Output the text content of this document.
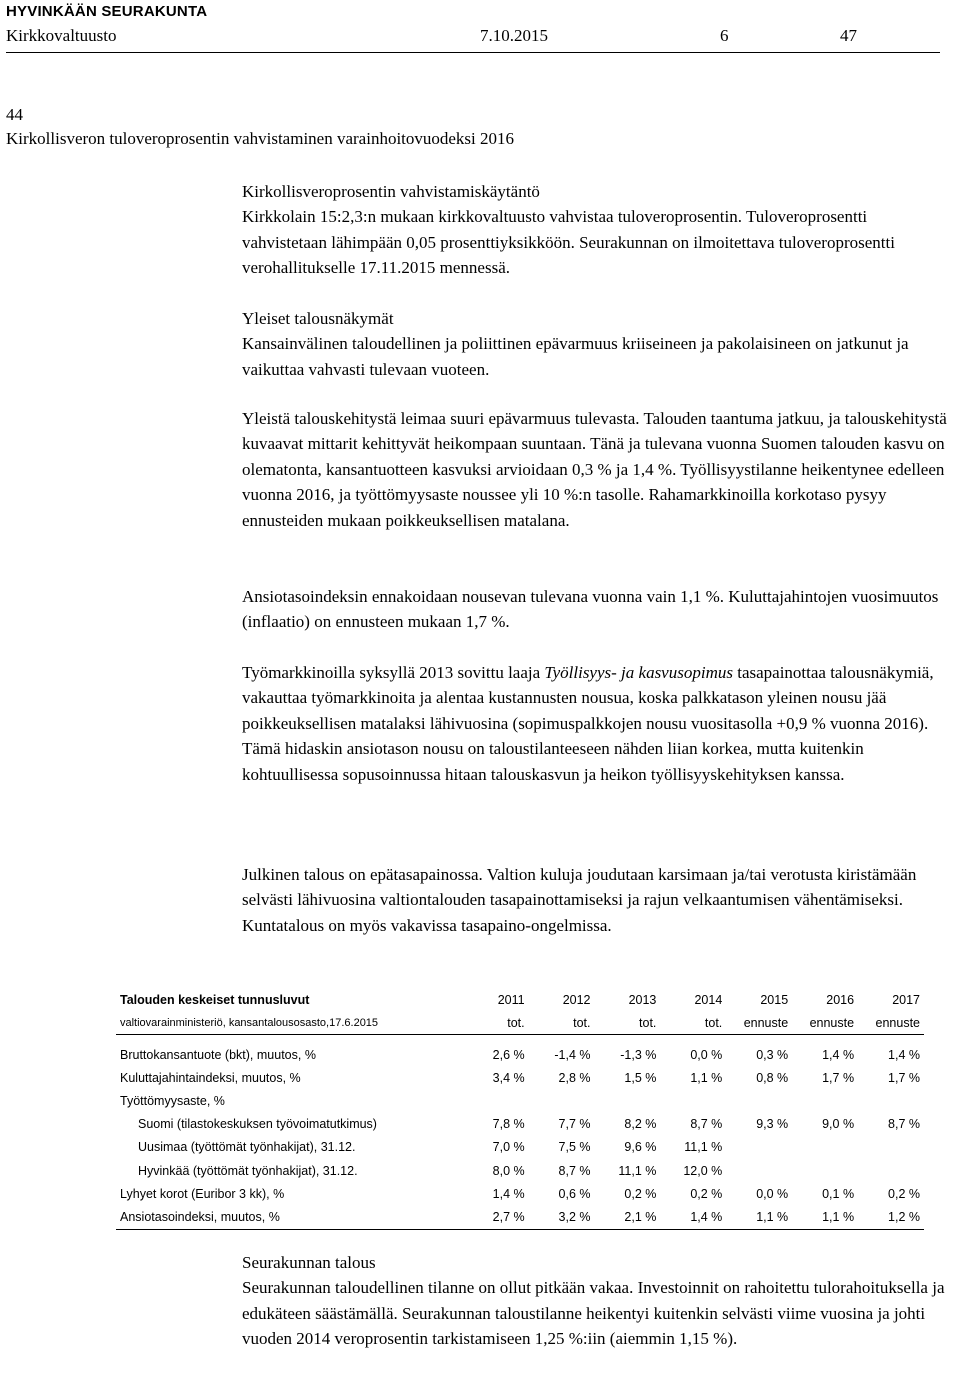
HYVINKÄÄN SEURAKUNTA
Kirkkovaltuusto	7.10.2015	6	47
44
Kirkollisveron tuloveroprosentin vahvistaminen varainhoitovuodeksi 2016

Kirkollisveroprosentin vahvistamiskäytäntö

Kirkkolain 15:2,3:n mukaan kirkkovaltuusto vahvistaa tuloveroprosentin. Tuloveroprosentti vahvistetaan lähimpään 0,05 prosenttiyksikköön. Seurakunnan on ilmoitettava tuloveroprosentti verohallitukselle 17.11.2015 mennessä.

Yleiset talousnäkymät

Kansainvälinen taloudellinen ja poliittinen epävarmuus kriiseineen ja pakolaisineen on jatkunut ja vaikuttaa vahvasti tulevaan vuoteen.

Yleistä talouskehitystä leimaa suuri epävarmuus tulevasta. Talouden taantuma jatkuu, ja talouskehitystä kuvaavat mittarit kehittyvät heikompaan suuntaan. Tänä ja tulevana vuonna Suomen talouden kasvu on olematonta, kansantuotteen kasvuksi arvioidaan 0,3 % ja 1,4 %. Työllisyystilanne heikentynee edelleen vuonna 2016, ja työttömyysaste noussee yli 10 %:n tasolle. Rahamarkkinoilla korkotaso pysyy ennusteiden mukaan poikkeuksellisen matalana.

Ansiotasoindeksin ennakoidaan nousevan tulevana vuonna vain 1,1 %. Kuluttajahintojen vuosimuutos (inflaatio) on ennusteen mukaan 1,7 %.

Työmarkkinoilla syksyllä 2013 sovittu laaja Työllisyys- ja kasvusopimus tasapainottaa talousnäkymiä, vakauttaa työmarkkinoita ja alentaa kustannusten nousua, koska palkkatason yleinen nousu jää poikkeuksellisen matalaksi lähivuosina (sopimuspalkkojen nousu vuositasolla +0,9 % vuonna 2016). Tämä hidaskin ansiotason nousu on taloustilanteeseen nähden liian korkea, mutta kuitenkin kohtuullisessa sopusoinnussa hitaan talouskasvun ja heikon työllisyyskehityksen kanssa.

Julkinen talous on epätasapainossa. Valtion kuluja joudutaan karsimaan ja/tai verotusta kiristämään selvästi lähivuosina valtiontalouden tasapainottamiseksi ja rajun velkaantumisen vähentämiseksi. Kuntatalous on myös vakavissa tasapaino-ongelmissa.

Talouden keskeiset tunnusluvut	2011	2012	2013	2014	2015	2016	2017
valtiovarainministeriö, kansantalousosasto,17.6.2015	tot.	tot.	tot.	tot.	ennuste	ennuste	ennuste

Bruttokansantuote (bkt), muutos, %	2,6 %	-1,4 %	-1,3 %	0,0 %	0,3 %	1,4 %	1,4 %
Kuluttajahintaindeksi, muutos, %	3,4 %	2,8 %	1,5 %	1,1 %	0,8 %	1,7 %	1,7 %
Työttömyysaste, %							
Suomi (tilastokeskuksen työvoimatutkimus)	7,8 %	7,7 %	8,2 %	8,7 %	9,3 %	9,0 %	8,7 %
Uusimaa (työttömät työnhakijat), 31.12.	7,0 %	7,5 %	9,6 %	11,1 %			
Hyvinkää (työttömät työnhakijat), 31.12.	8,0 %	8,7 %	11,1 %	12,0 %			
Lyhyet korot (Euribor 3 kk), %	1,4 %	0,6 %	0,2 %	0,2 %	0,0 %	0,1 %	0,2 %
Ansiotasoindeksi, muutos, %	2,7 %	3,2 %	2,1 %	1,4 %	1,1 %	1,1 %	1,2 %

Seurakunnan talous

Seurakunnan taloudellinen tilanne on ollut pitkään vakaa. Investoinnit on rahoitettu tulorahoituksella ja edukäteen säästämällä. Seurakunnan taloustilanne heikentyi kuitenkin selvästi viime vuosina ja johti vuoden 2014 veroprosentin tarkistamiseen 1,25 %:iin (aiemmin 1,15 %).
